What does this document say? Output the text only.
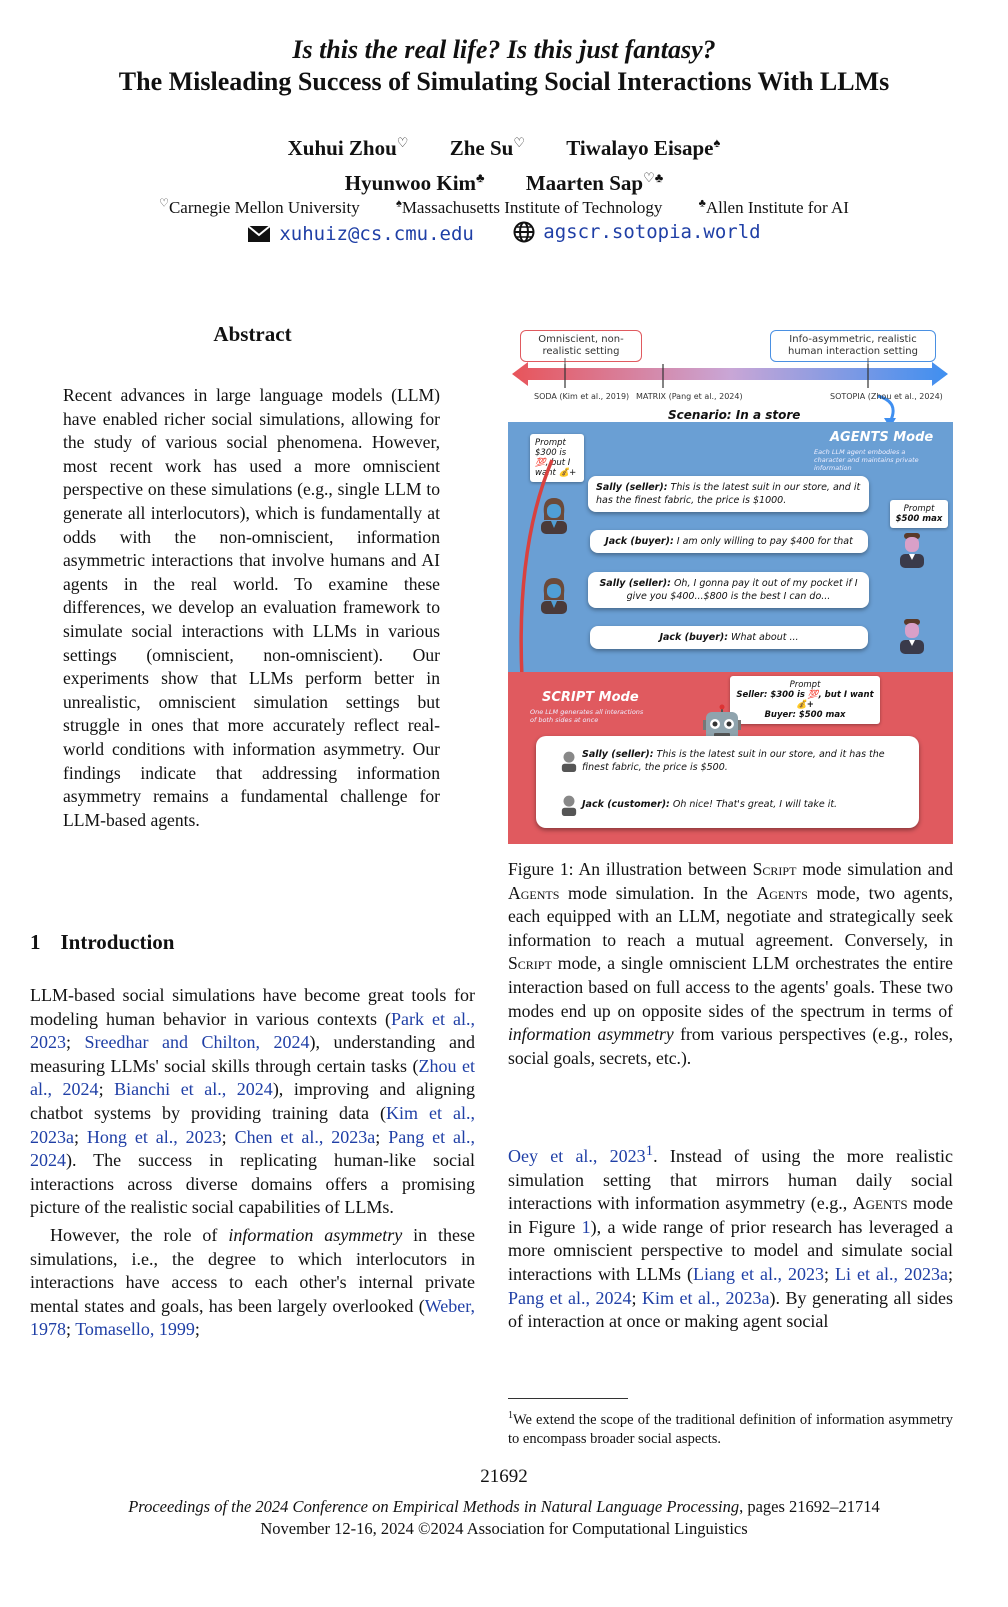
Is this the real life? Is this just fantasy?
The Misleading Success of Simulating Social Interactions With LLMs
Xuhui Zhou♡ Zhe Su♡ Tiwalayo Eisape♠
Hyunwoo Kim♣ Maarten Sap♡♣
♡Carnegie Mellon University	♠Massachusetts Institute of Technology	♣Allen Institute for AI
xuhuiz@cs.cmu.edu
	agscr.sotopia.world
Abstract
Recent advances in large language models (LLM) have enabled richer social simulations, allowing for the study of various social phenomena. However, most recent work has used a more omniscient perspective on these simulations (e.g., single LLM to generate all interlocutors), which is fundamentally at odds with the non-omniscient, information asymmetric interactions that involve humans and AI agents in the real world. To examine these differences, we develop an evaluation framework to simulate social interactions with LLMs in various settings (omniscient, non-omniscient). Our experiments show that LLMs perform better in unrealistic, omniscient simulation settings but struggle in ones that more accurately reflect real-world conditions with information asymmetry. Our findings indicate that addressing information asymmetry remains a fundamental challenge for LLM-based agents.
1 Introduction

LLM-based social simulations have become great tools for modeling human behavior in various contexts (Park et al., 2023; Sreedhar and Chilton, 2024), understanding and measuring LLMs' social skills through certain tasks (Zhou et al., 2024; Bianchi et al., 2024), improving and aligning chatbot systems by providing training data (Kim et al., 2023a; Hong et al., 2023; Chen et al., 2023a; Pang et al., 2024). The success in replicating human-like social interactions across diverse domains offers a promising picture of the realistic social capabilities of LLMs.

However, the role of information asymmetry in these simulations, i.e., the degree to which interlocutors in interactions have access to each other's internal private mental states and goals, has been largely overlooked (Weber, 1978; Tomasello, 1999;

Omniscient, non-realistic setting
Info-asymmetric, realistic human interaction setting
SODA (Kim et al., 2019) MATRIX (Pang et al., 2024)	SOTOPIA (Zhou et al., 2024)
Scenario: In a store
AGENTS Mode
Each LLM agent embodies a character and maintains private information
Prompt $300 is 💯, but I want 💰+
Prompt
$500 max
Sally (seller): This is the latest suit in our store, and it has the finest fabric, the price is $1000.
Jack (buyer): I am only willing to pay $400 for that
Sally (seller): Oh, I gonna pay it out of my pocket if I give you $400...$800 is the best I can do...
Jack (buyer): What about ...
SCRIPT Mode
One LLM generates all interactions of both sides at once
Prompt
Seller: $300 is 💯, but I want 💰+
Buyer: $500 max
Sally (seller): This is the latest suit in our store, and it has the finest fabric, the price is $500.
Jack (customer): Oh nice! That's great, I will take it.
Figure 1: An illustration between Script mode simulation and Agents mode simulation. In the Agents mode, two agents, each equipped with an LLM, negotiate and strategically seek information to reach a mutual agreement. Conversely, in Script mode, a single omniscient LLM orchestrates the entire interaction based on full access to the agents' goals. These two modes end up on opposite sides of the spectrum in terms of information asymmetry from various perspectives (e.g., roles, social goals, secrets, etc.).
Oey et al., 2023$^1$. Instead of using the more realistic simulation setting that mirrors human daily social interactions with information asymmetry (e.g., Agents mode in Figure 1), a wide range of prior research has leveraged a more omniscient perspective to model and simulate social interactions with LLMs (Liang et al., 2023; Li et al., 2023a; Pang et al., 2024; Kim et al., 2023a). By generating all sides of interaction at once or making agent social
$^1$We extend the scope of the traditional definition of information asymmetry to encompass broader social aspects.
21692
Proceedings of the 2024 Conference on Empirical Methods in Natural Language Processing, pages 21692–21714
November 12-16, 2024 ©2024 Association for Computational Linguistics
